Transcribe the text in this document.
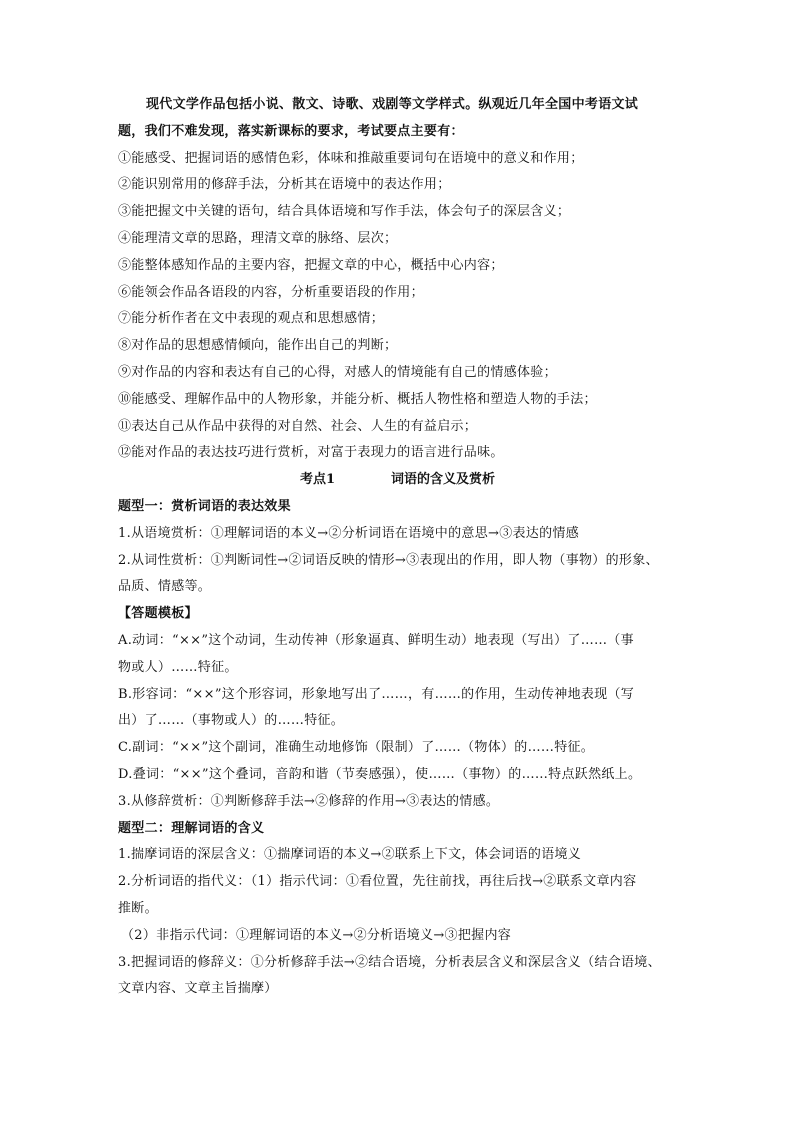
现代文学作品包括小说、散文、诗歌、戏剧等文学样式。纵观近几年全国中考语文试
题，我们不难发现，落实新课标的要求，考试要点主要有：
①能感受、把握词语的感情色彩，体味和推敲重要词句在语境中的意义和作用；
②能识别常用的修辞手法，分析其在语境中的表达作用；
③能把握文中关键的语句，结合具体语境和写作手法，体会句子的深层含义；
④能理清文章的思路，理清文章的脉络、层次；
⑤能整体感知作品的主要内容，把握文章的中心，概括中心内容；
⑥能领会作品各语段的内容，分析重要语段的作用；
⑦能分析作者在文中表现的观点和思想感情；
⑧对作品的思想感情倾向，能作出自己的判断；
⑨对作品的内容和表达有自己的心得，对感人的情境能有自己的情感体验；
⑩能感受、理解作品中的人物形象，并能分析、概括人物性格和塑造人物的手法；
⑪表达自己从作品中获得的对自然、社会、人生的有益启示；
⑫能对作品的表达技巧进行赏析，对富于表现力的语言进行品味。
考点1	词语的含义及赏析
题型一：赏析词语的表达效果
1.从语境赏析：①理解词语的本义→②分析词语在语境中的意思→③表达的情感
2.从词性赏析：①判断词性→②词语反映的情形→③表现出的作用，即人物（事物）的形象、
品质、情感等。
【答题模板】
A.动词：“××”这个动词，生动传神（形象逼真、鲜明生动）地表现（写出）了……（事
物或人）……特征。
B.形容词：“××”这个形容词，形象地写出了……，有……的作用，生动传神地表现（写
出）了……（事物或人）的……特征。
C.副词：“××”这个副词，准确生动地修饰（限制）了……（物体）的……特征。
D.叠词：“××”这个叠词，音韵和谐（节奏感强），使……（事物）的……特点跃然纸上。
3.从修辞赏析：①判断修辞手法→②修辞的作用→③表达的情感。
题型二：理解词语的含义
1.揣摩词语的深层含义：①揣摩词语的本义→②联系上下文，体会词语的语境义
2.分析词语的指代义：（1）指示代词：①看位置，先往前找，再往后找→②联系文章内容
推断。
（2）非指示代词：①理解词语的本义→②分析语境义→③把握内容
3.把握词语的修辞义：①分析修辞手法→②结合语境，分析表层含义和深层含义（结合语境、
文章内容、文章主旨揣摩）
